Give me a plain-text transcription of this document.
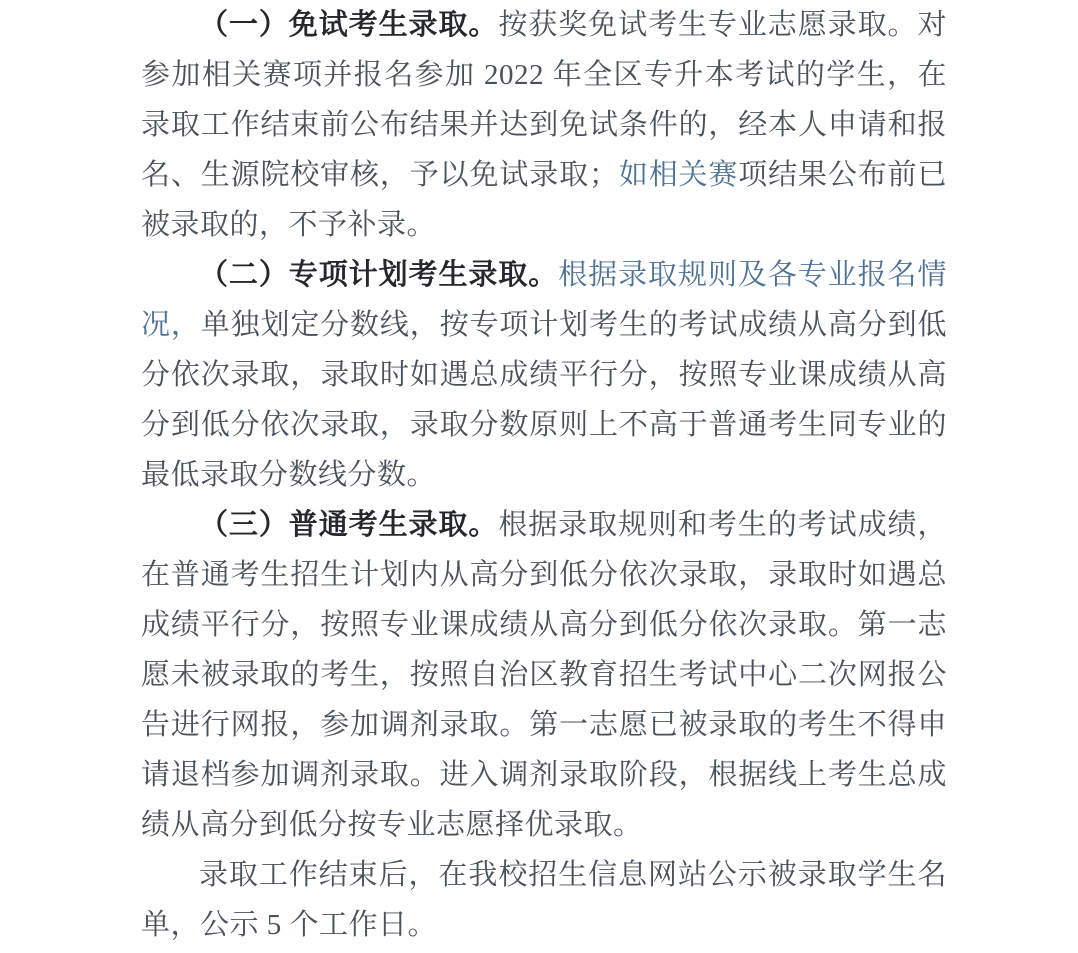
（一）免试考生录取。按获奖免试考生专业志愿录取。对参加相关赛项并报名参加 2022 年全区专升本考试的学生，在录取工作结束前公布结果并达到免试条件的，经本人申请和报名、生源院校审核，予以免试录取；如相关赛项结果公布前已被录取的，不予补录。

（二）专项计划考生录取。根据录取规则及各专业报名情况，单独划定分数线，按专项计划考生的考试成绩从高分到低分依次录取，录取时如遇总成绩平行分，按照专业课成绩从高分到低分依次录取，录取分数原则上不高于普通考生同专业的最低录取分数线分数。

（三）普通考生录取。根据录取规则和考生的考试成绩，在普通考生招生计划内从高分到低分依次录取，录取时如遇总成绩平行分，按照专业课成绩从高分到低分依次录取。第一志愿未被录取的考生，按照自治区教育招生考试中心二次网报公告进行网报，参加调剂录取。第一志愿已被录取的考生不得申请退档参加调剂录取。进入调剂录取阶段，根据线上考生总成绩从高分到低分按专业志愿择优录取。

录取工作结束后，在我校招生信息网站公示被录取学生名单，公示 5 个工作日。
